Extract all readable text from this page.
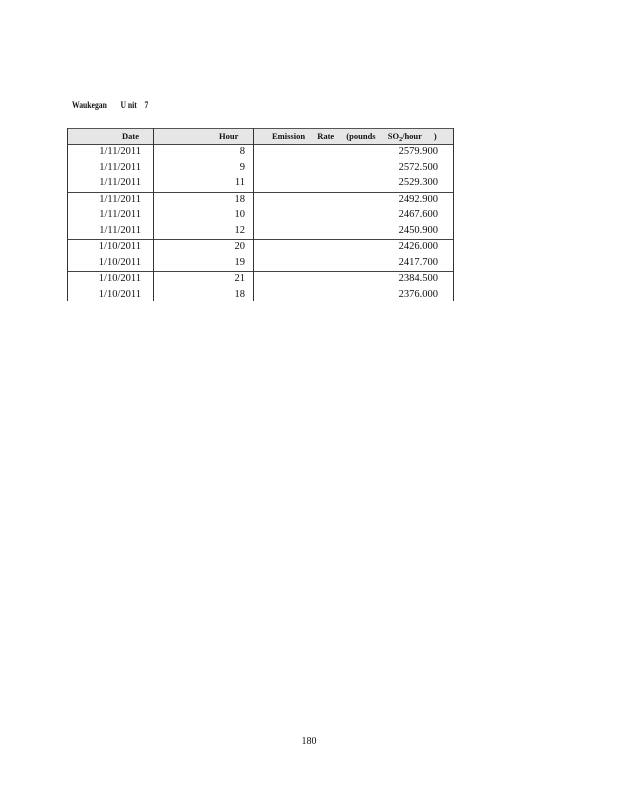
Waukegan U nit    7
Date	Hour	Emission Rate (pounds $SO_2$/hour )
1/11/2011	8	2579.900
1/11/2011	9	2572.500
1/11/2011	11	2529.300
1/11/2011	18	2492.900
1/11/2011	10	2467.600
1/11/2011	12	2450.900
1/10/2011	20	2426.000
1/10/2011	19	2417.700
1/10/2011	21	2384.500
1/10/2011	18	2376.000
180
